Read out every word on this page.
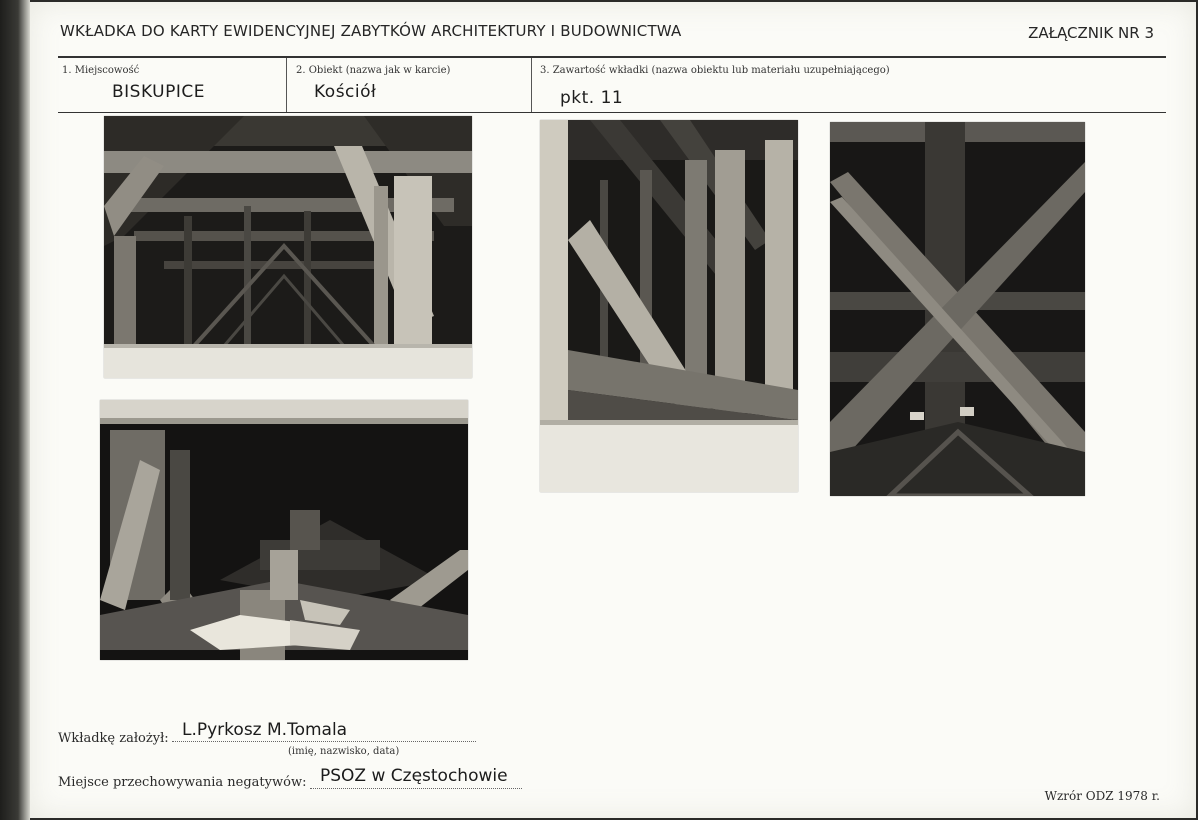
WKŁADKA DO KARTY EWIDENCYJNEJ ZABYTKÓW ARCHITEKTURY I BUDOWNICTWA	ZAŁĄCZNIK NR 3
1. Miejscowość
BISKUPICE
2. Obiekt (nazwa jak w karcie)
Kościół
3. Zawartość wkładki (nazwa obiektu lub materiału uzupełniającego)
pkt. 11
Wkładkę założył: L.Pyrkosz M.Tomala
(imię, nazwisko, data)
Miejsce przechowywania negatywów: PSOZ w Częstochowie
Wzrór ODZ 1978 r.
